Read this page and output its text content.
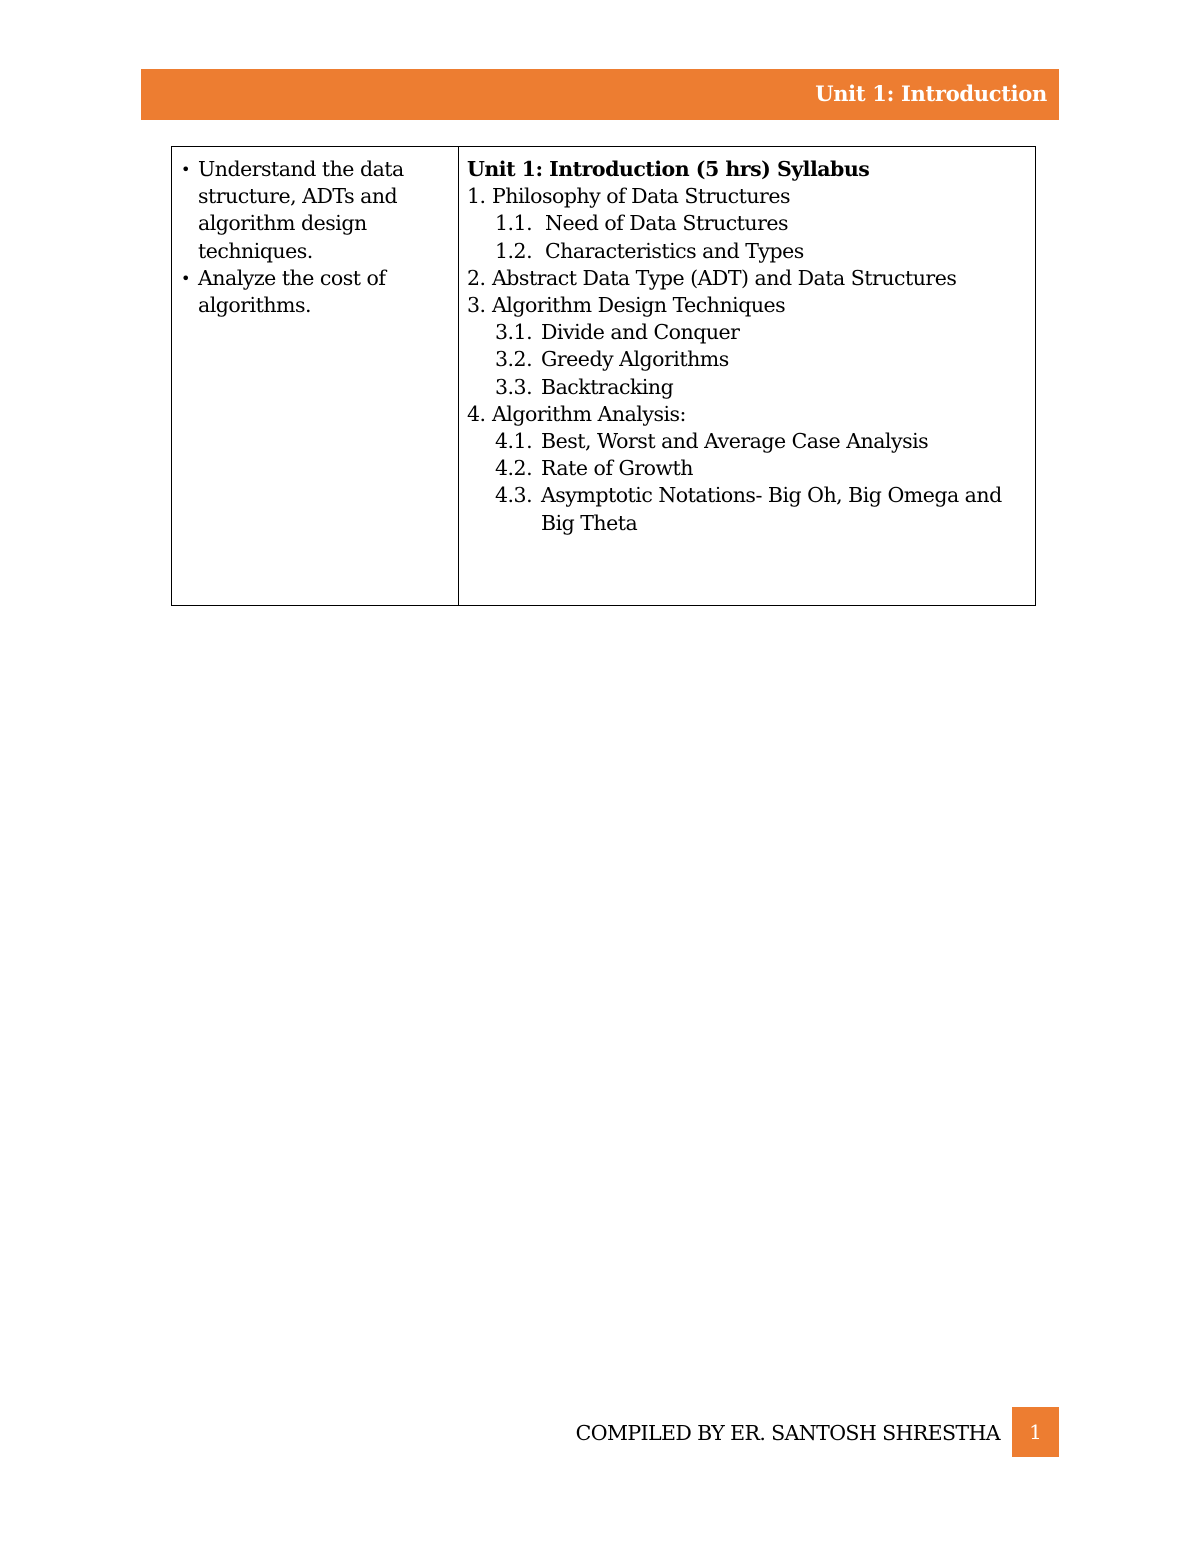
Unit 1: Introduction
• Understand the data structure, ADTs and algorithm design techniques.
• Analyze the cost of algorithms.
Unit 1: Introduction (5 hrs) Syllabus
1. Philosophy of Data Structures
1.1. Need of Data Structures
1.2. Characteristics and Types
2. Abstract Data Type (ADT) and Data Structures
3. Algorithm Design Techniques
3.1. Divide and Conquer
3.2. Greedy Algorithms
3.3. Backtracking
4. Algorithm Analysis:
4.1. Best, Worst and Average Case Analysis
4.2. Rate of Growth
4.3. Asymptotic Notations- Big Oh, Big Omega and Big Theta
COMPILED BY ER. SANTOSH SHRESTHA	1
